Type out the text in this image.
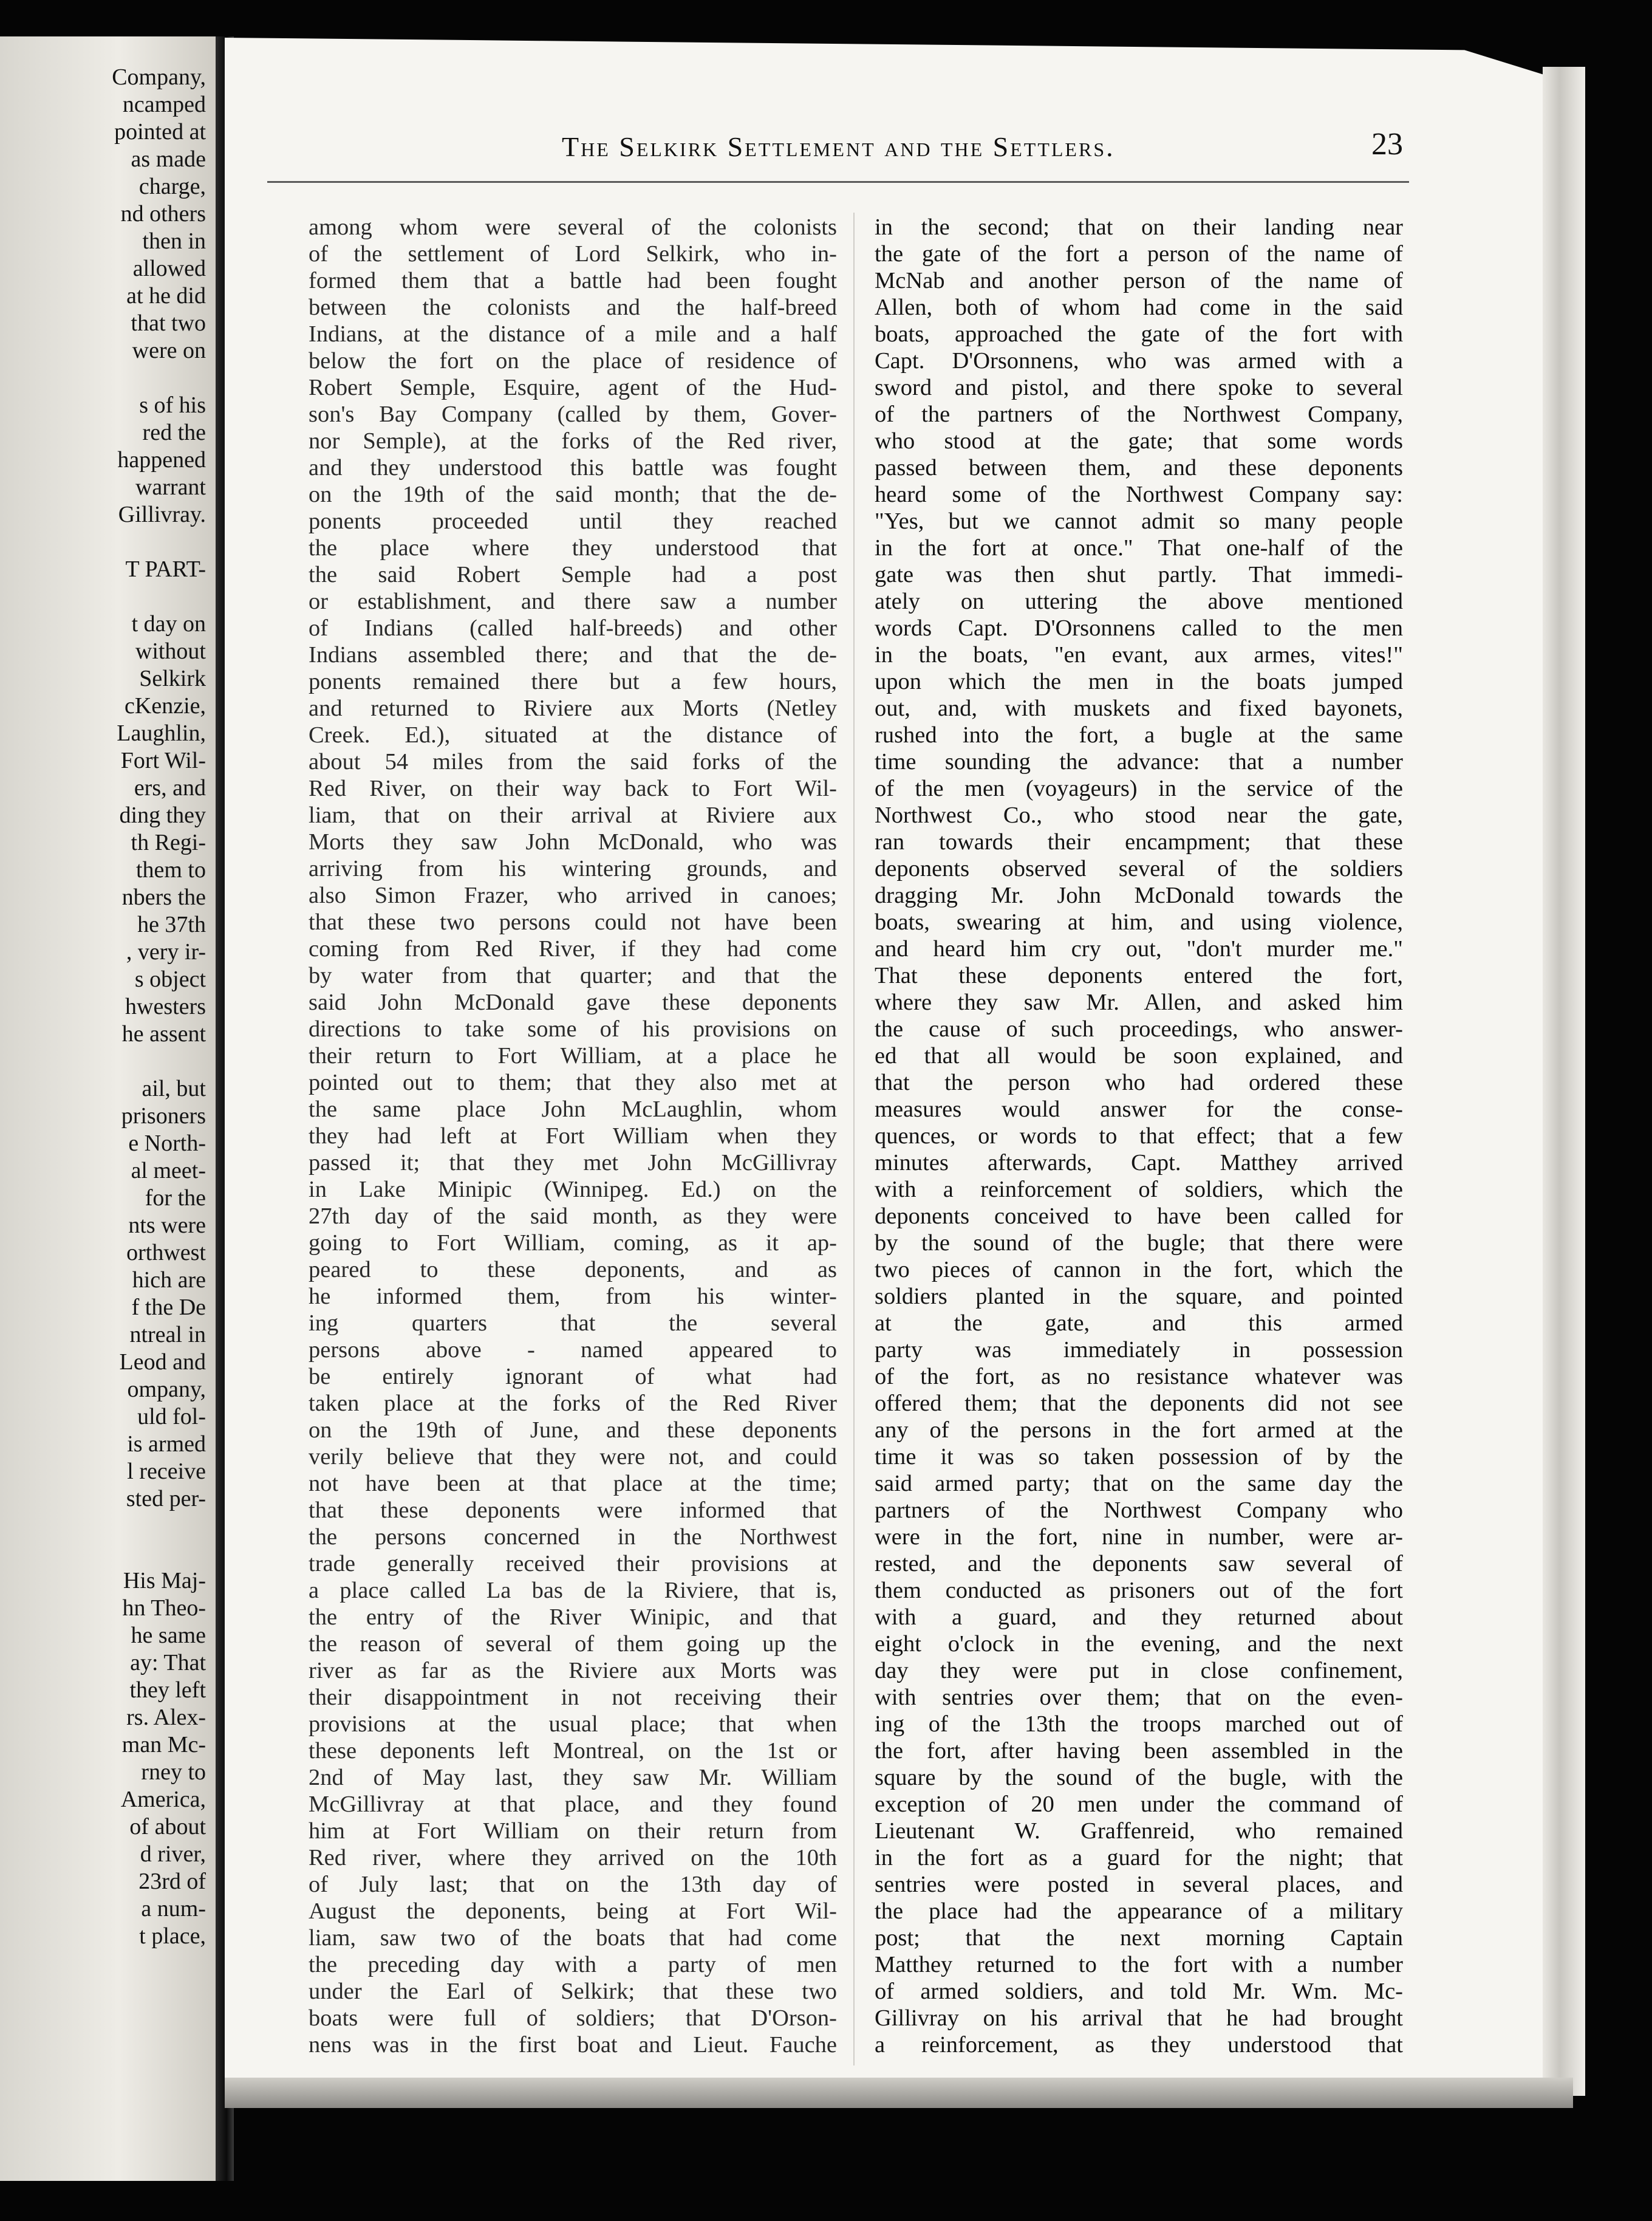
Company,
ncamped
pointed at
as made
charge,
nd others
then in
allowed
at he did
that two
were on
s of his
red the
happened
warrant
Gillivray.
T PART-
t day on
without
Selkirk
cKenzie,
Laughlin,
Fort Wil-
ers, and
ding they
th Regi-
them to
nbers the
he 37th
, very ir-
s object
hwesters
he assent
ail, but
prisoners
e North-
al meet-
for the
nts were
orthwest
hich are
f the De
ntreal in
Leod and
ompany,
uld fol-
is armed
l receive
sted per-
His Maj-
hn Theo-
he same
ay: That
they left
rs. Alex-
man Mc-
rney to
America,
of about
d river,
23rd of
a num-
t place,
The Selkirk Settlement and the Settlers.	23
among whom were several of the colonists
of the settlement of Lord Selkirk, who in-
formed them that a battle had been fought
between the colonists and the half-breed
Indians, at the distance of a mile and a half
below the fort on the place of residence of
Robert Semple, Esquire, agent of the Hud-
son's Bay Company (called by them, Gover-
nor Semple), at the forks of the Red river,
and they understood this battle was fought
on the 19th of the said month; that the de-
ponents proceeded until they reached
the place where they understood that
the said Robert Semple had a post
or establishment, and there saw a number
of Indians (called half-breeds) and other
Indians assembled there; and that the de-
ponents remained there but a few hours,
and returned to Riviere aux Morts (Netley
Creek. Ed.), situated at the distance of
about 54 miles from the said forks of the
Red River, on their way back to Fort Wil-
liam, that on their arrival at Riviere aux
Morts they saw John McDonald, who was
arriving from his wintering grounds, and
also Simon Frazer, who arrived in canoes;
that these two persons could not have been
coming from Red River, if they had come
by water from that quarter; and that the
said John McDonald gave these deponents
directions to take some of his provisions on
their return to Fort William, at a place he
pointed out to them; that they also met at
the same place John McLaughlin, whom
they had left at Fort William when they
passed it; that they met John McGillivray
in Lake Minipic (Winnipeg. Ed.) on the
27th day of the said month, as they were
going to Fort William, coming, as it ap-
peared to these deponents, and as
he informed them, from his winter-
ing quarters that the several
persons above - named appeared to
be entirely ignorant of what had
taken place at the forks of the Red River
on the 19th of June, and these deponents
verily believe that they were not, and could
not have been at that place at the time;
that these deponents were informed that
the persons concerned in the Northwest
trade generally received their provisions at
a place called La bas de la Riviere, that is,
the entry of the River Winipic, and that
the reason of several of them going up the
river as far as the Riviere aux Morts was
their disappointment in not receiving their
provisions at the usual place; that when
these deponents left Montreal, on the 1st or
2nd of May last, they saw Mr. William
McGillivray at that place, and they found
him at Fort William on their return from
Red river, where they arrived on the 10th
of July last; that on the 13th day of
August the deponents, being at Fort Wil-
liam, saw two of the boats that had come
the preceding day with a party of men
under the Earl of Selkirk; that these two
boats were full of soldiers; that D'Orson-
nens was in the first boat and Lieut. Fauche
in the second; that on their landing near
the gate of the fort a person of the name of
McNab and another person of the name of
Allen, both of whom had come in the said
boats, approached the gate of the fort with
Capt. D'Orsonnens, who was armed with a
sword and pistol, and there spoke to several
of the partners of the Northwest Company,
who stood at the gate; that some words
passed between them, and these deponents
heard some of the Northwest Company say:
"Yes, but we cannot admit so many people
in the fort at once." That one-half of the
gate was then shut partly. That immedi-
ately on uttering the above mentioned
words Capt. D'Orsonnens called to the men
in the boats, "en evant, aux armes, vites!"
upon which the men in the boats jumped
out, and, with muskets and fixed bayonets,
rushed into the fort, a bugle at the same
time sounding the advance: that a number
of the men (voyageurs) in the service of the
Northwest Co., who stood near the gate,
ran towards their encampment; that these
deponents observed several of the soldiers
dragging Mr. John McDonald towards the
boats, swearing at him, and using violence,
and heard him cry out, "don't murder me."
That these deponents entered the fort,
where they saw Mr. Allen, and asked him
the cause of such proceedings, who answer-
ed that all would be soon explained, and
that the person who had ordered these
measures would answer for the conse-
quences, or words to that effect; that a few
minutes afterwards, Capt. Matthey arrived
with a reinforcement of soldiers, which the
deponents conceived to have been called for
by the sound of the bugle; that there were
two pieces of cannon in the fort, which the
soldiers planted in the square, and pointed
at the gate, and this armed
party was immediately in possession
of the fort, as no resistance whatever was
offered them; that the deponents did not see
any of the persons in the fort armed at the
time it was so taken possession of by the
said armed party; that on the same day the
partners of the Northwest Company who
were in the fort, nine in number, were ar-
rested, and the deponents saw several of
them conducted as prisoners out of the fort
with a guard, and they returned about
eight o'clock in the evening, and the next
day they were put in close confinement,
with sentries over them; that on the even-
ing of the 13th the troops marched out of
the fort, after having been assembled in the
square by the sound of the bugle, with the
exception of 20 men under the command of
Lieutenant W. Graffenreid, who remained
in the fort as a guard for the night; that
sentries were posted in several places, and
the place had the appearance of a military
post; that the next morning Captain
Matthey returned to the fort with a number
of armed soldiers, and told Mr. Wm. Mc-
Gillivray on his arrival that he had brought
a reinforcement, as they understood that
